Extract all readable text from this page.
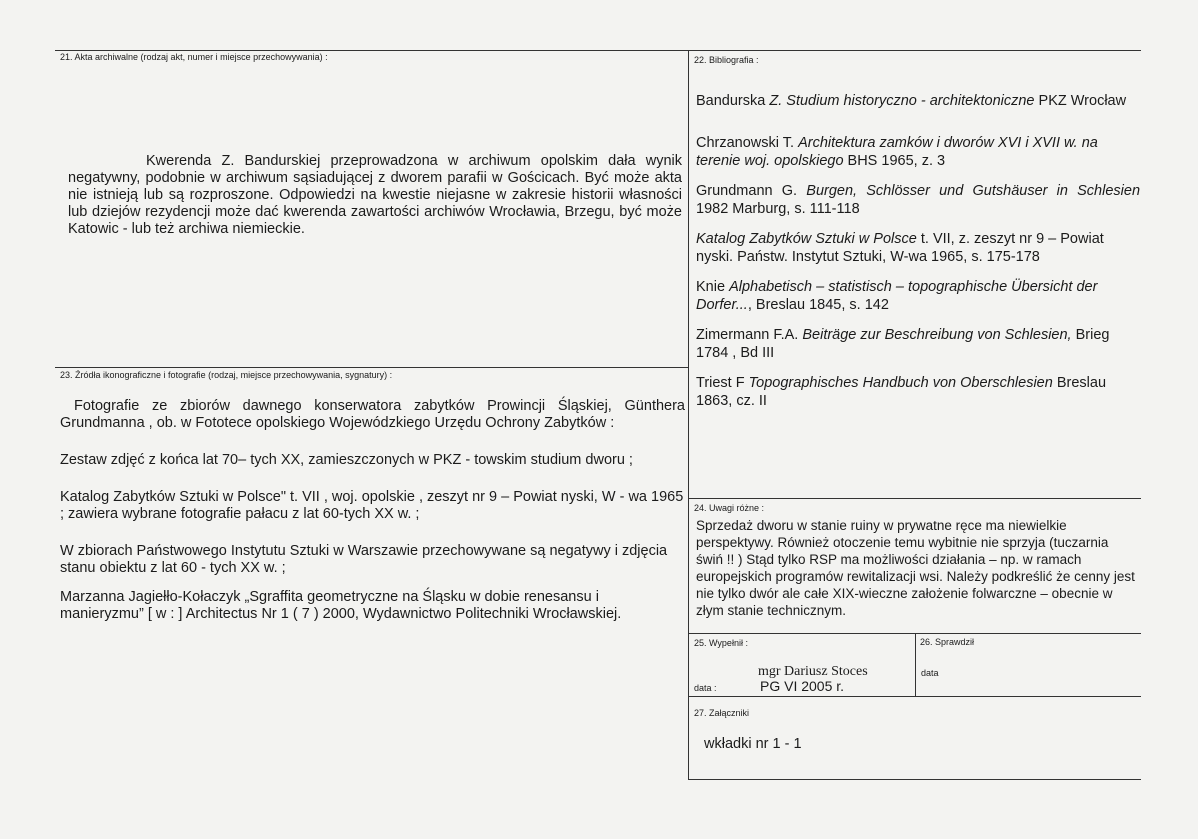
21. Akta archiwalne (rodzaj akt, numer i miejsce przechowywania) :
Kwerenda Z. Bandurskiej przeprowadzona w archiwum opolskim dała wynik negatywny, podobnie w archiwum sąsiadującej z dworem parafii w Gościcach. Być może akta nie istnieją lub są rozproszone. Odpowiedzi na kwestie niejasne w zakresie historii własności lub dziejów rezydencji może dać kwerenda zawartości archiwów Wrocławia, Brzegu, być może Katowic - lub też archiwa niemieckie.
23. Źródła ikonograficzne i fotografie (rodzaj, miejsce przechowywania, sygnatury) :

Fotografie ze zbiorów dawnego konserwatora zabytków Prowincji Śląskiej, Günthera Grundmanna , ob. w Fototece opolskiego Wojewódzkiego Urzędu Ochrony Zabytków :

Zestaw zdjęć z końca lat 70– tych XX, zamieszczonych w PKZ - towskim studium dworu ;

Katalog Zabytków Sztuki w Polsce" t. VII , woj. opolskie , zeszyt nr 9 – Powiat nyski, W - wa 1965 ; zawiera wybrane fotografie pałacu z lat 60-tych XX w. ;

W zbiorach Państwowego Instytutu Sztuki w Warszawie przechowywane są negatywy i zdjęcia stanu obiektu z lat 60 - tych XX w. ;

Marzanna Jagiełło-Kołaczyk „Sgraffita geometryczne na Śląsku w dobie renesansu i manieryzmu” [ w : ] Architectus Nr 1 ( 7 ) 2000, Wydawnictwo Politechniki Wrocławskiej.

22. Bibliografia :
Bandurska Z. Studium historyczno - architektoniczne PKZ Wrocław
Chrzanowski T. Architektura zamków i dworów XVI i XVII w. na terenie woj. opolskiego BHS 1965, z. 3
Grundmann G. Burgen, Schlösser und Gutshäuser in Schlesien 1982 Marburg, s. 111-118
Katalog Zabytków Sztuki w Polsce t. VII, z. zeszyt nr 9 – Powiat nyski. Państw. Instytut Sztuki, W-wa 1965, s. 175-178
Knie Alphabetisch – statistisch – topographische Übersicht der Dorfer..., Breslau 1845, s. 142
Zimermann F.A. Beiträge zur Beschreibung von Schlesien, Brieg 1784 , Bd III
Triest F Topographisches Handbuch von Oberschlesien Breslau 1863, cz. II
24. Uwagi różne :
Sprzedaż dworu w stanie ruiny w prywatne ręce ma niewielkie perspektywy. Również otoczenie temu wybitnie nie sprzyja (tuczarnia świń !! ) Stąd tylko RSP ma możliwości działania – np. w ramach europejskich programów rewitalizacji wsi. Należy podkreślić że cenny jest nie tylko dwór ale całe XIX-wieczne założenie folwarczne – obecnie w złym stanie technicznym.
25. Wypełnił :
mgr Dariusz Stoces
data :	PG VI 2005 r.
26. Sprawdził
data
27. Załączniki
wkładki nr 1 - 1
